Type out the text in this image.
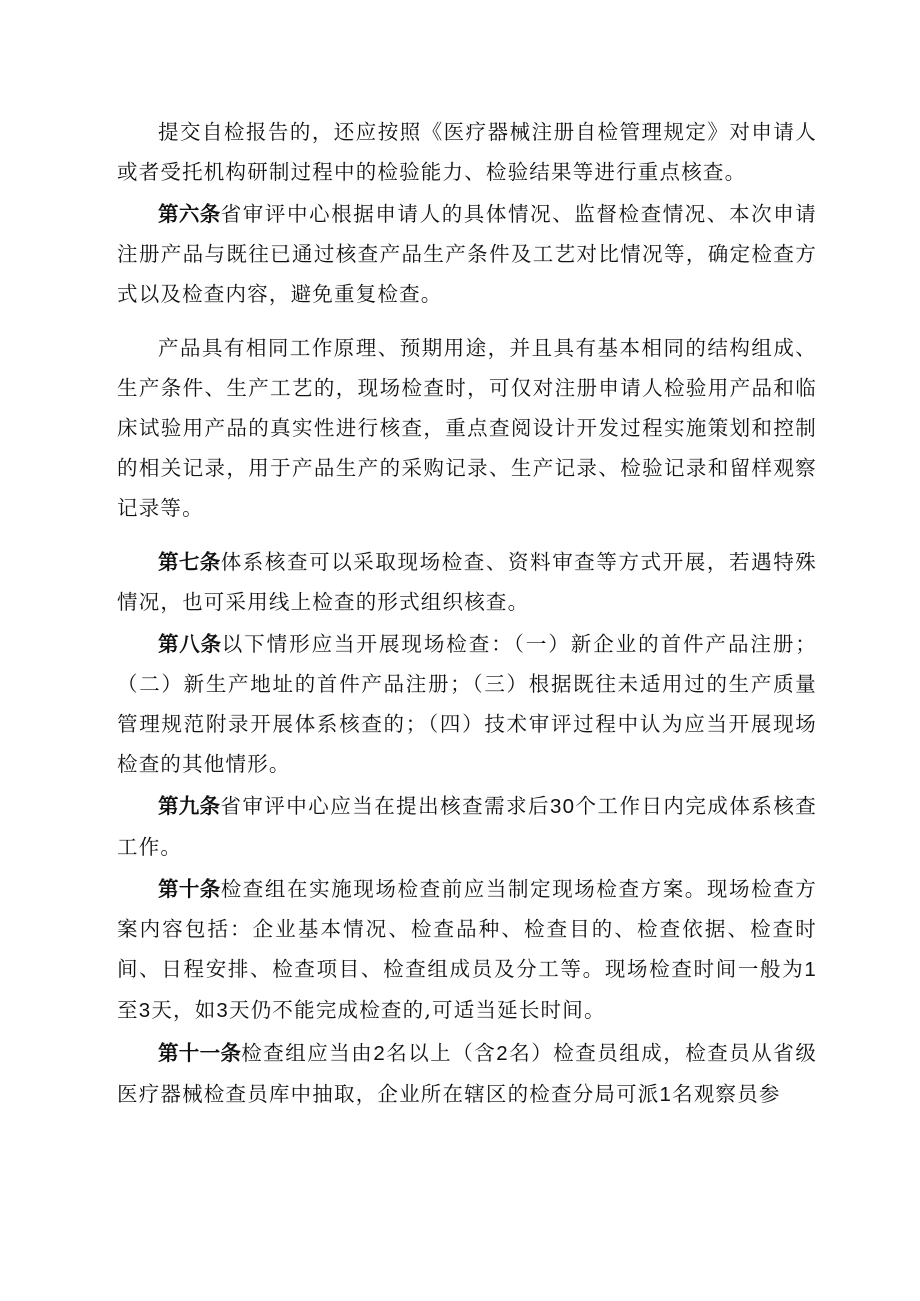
提交自检报告的，还应按照《医疗器械注册自检管理规定》对申请人或者受托机构研制过程中的检验能力、检验结果等进行重点核查。

第六条省审评中心根据申请人的具体情况、监督检查情况、本次申请注册产品与既往已通过核查产品生产条件及工艺对比情况等，确定检查方式以及检查内容，避免重复检查。

产品具有相同工作原理、预期用途，并且具有基本相同的结构组成、生产条件、生产工艺的，现场检查时，可仅对注册申请人检验用产品和临床试验用产品的真实性进行核查，重点查阅设计开发过程实施策划和控制的相关记录，用于产品生产的采购记录、生产记录、检验记录和留样观察记录等。

第七条体系核查可以采取现场检查、资料审查等方式开展，若遇特殊情况，也可采用线上检查的形式组织核查。

第八条以下情形应当开展现场检查：（一）新企业的首件产品注册；（二）新生产地址的首件产品注册；（三）根据既往未适用过的生产质量管理规范附录开展体系核查的；（四）技术审评过程中认为应当开展现场检查的其他情形。

第九条省审评中心应当在提出核查需求后30个工作日内完成体系核查工作。

第十条检查组在实施现场检查前应当制定现场检查方案。现场检查方案内容包括：企业基本情况、检查品种、检查目的、检查依据、检查时间、日程安排、检查项目、检查组成员及分工等。现场检查时间一般为1至3天，如3天仍不能完成检查的,可适当延长时间。

第十一条检查组应当由2名以上（含2名）检查员组成，检查员从省级医疗器械检查员库中抽取，企业所在辖区的检查分局可派1名观察员参
